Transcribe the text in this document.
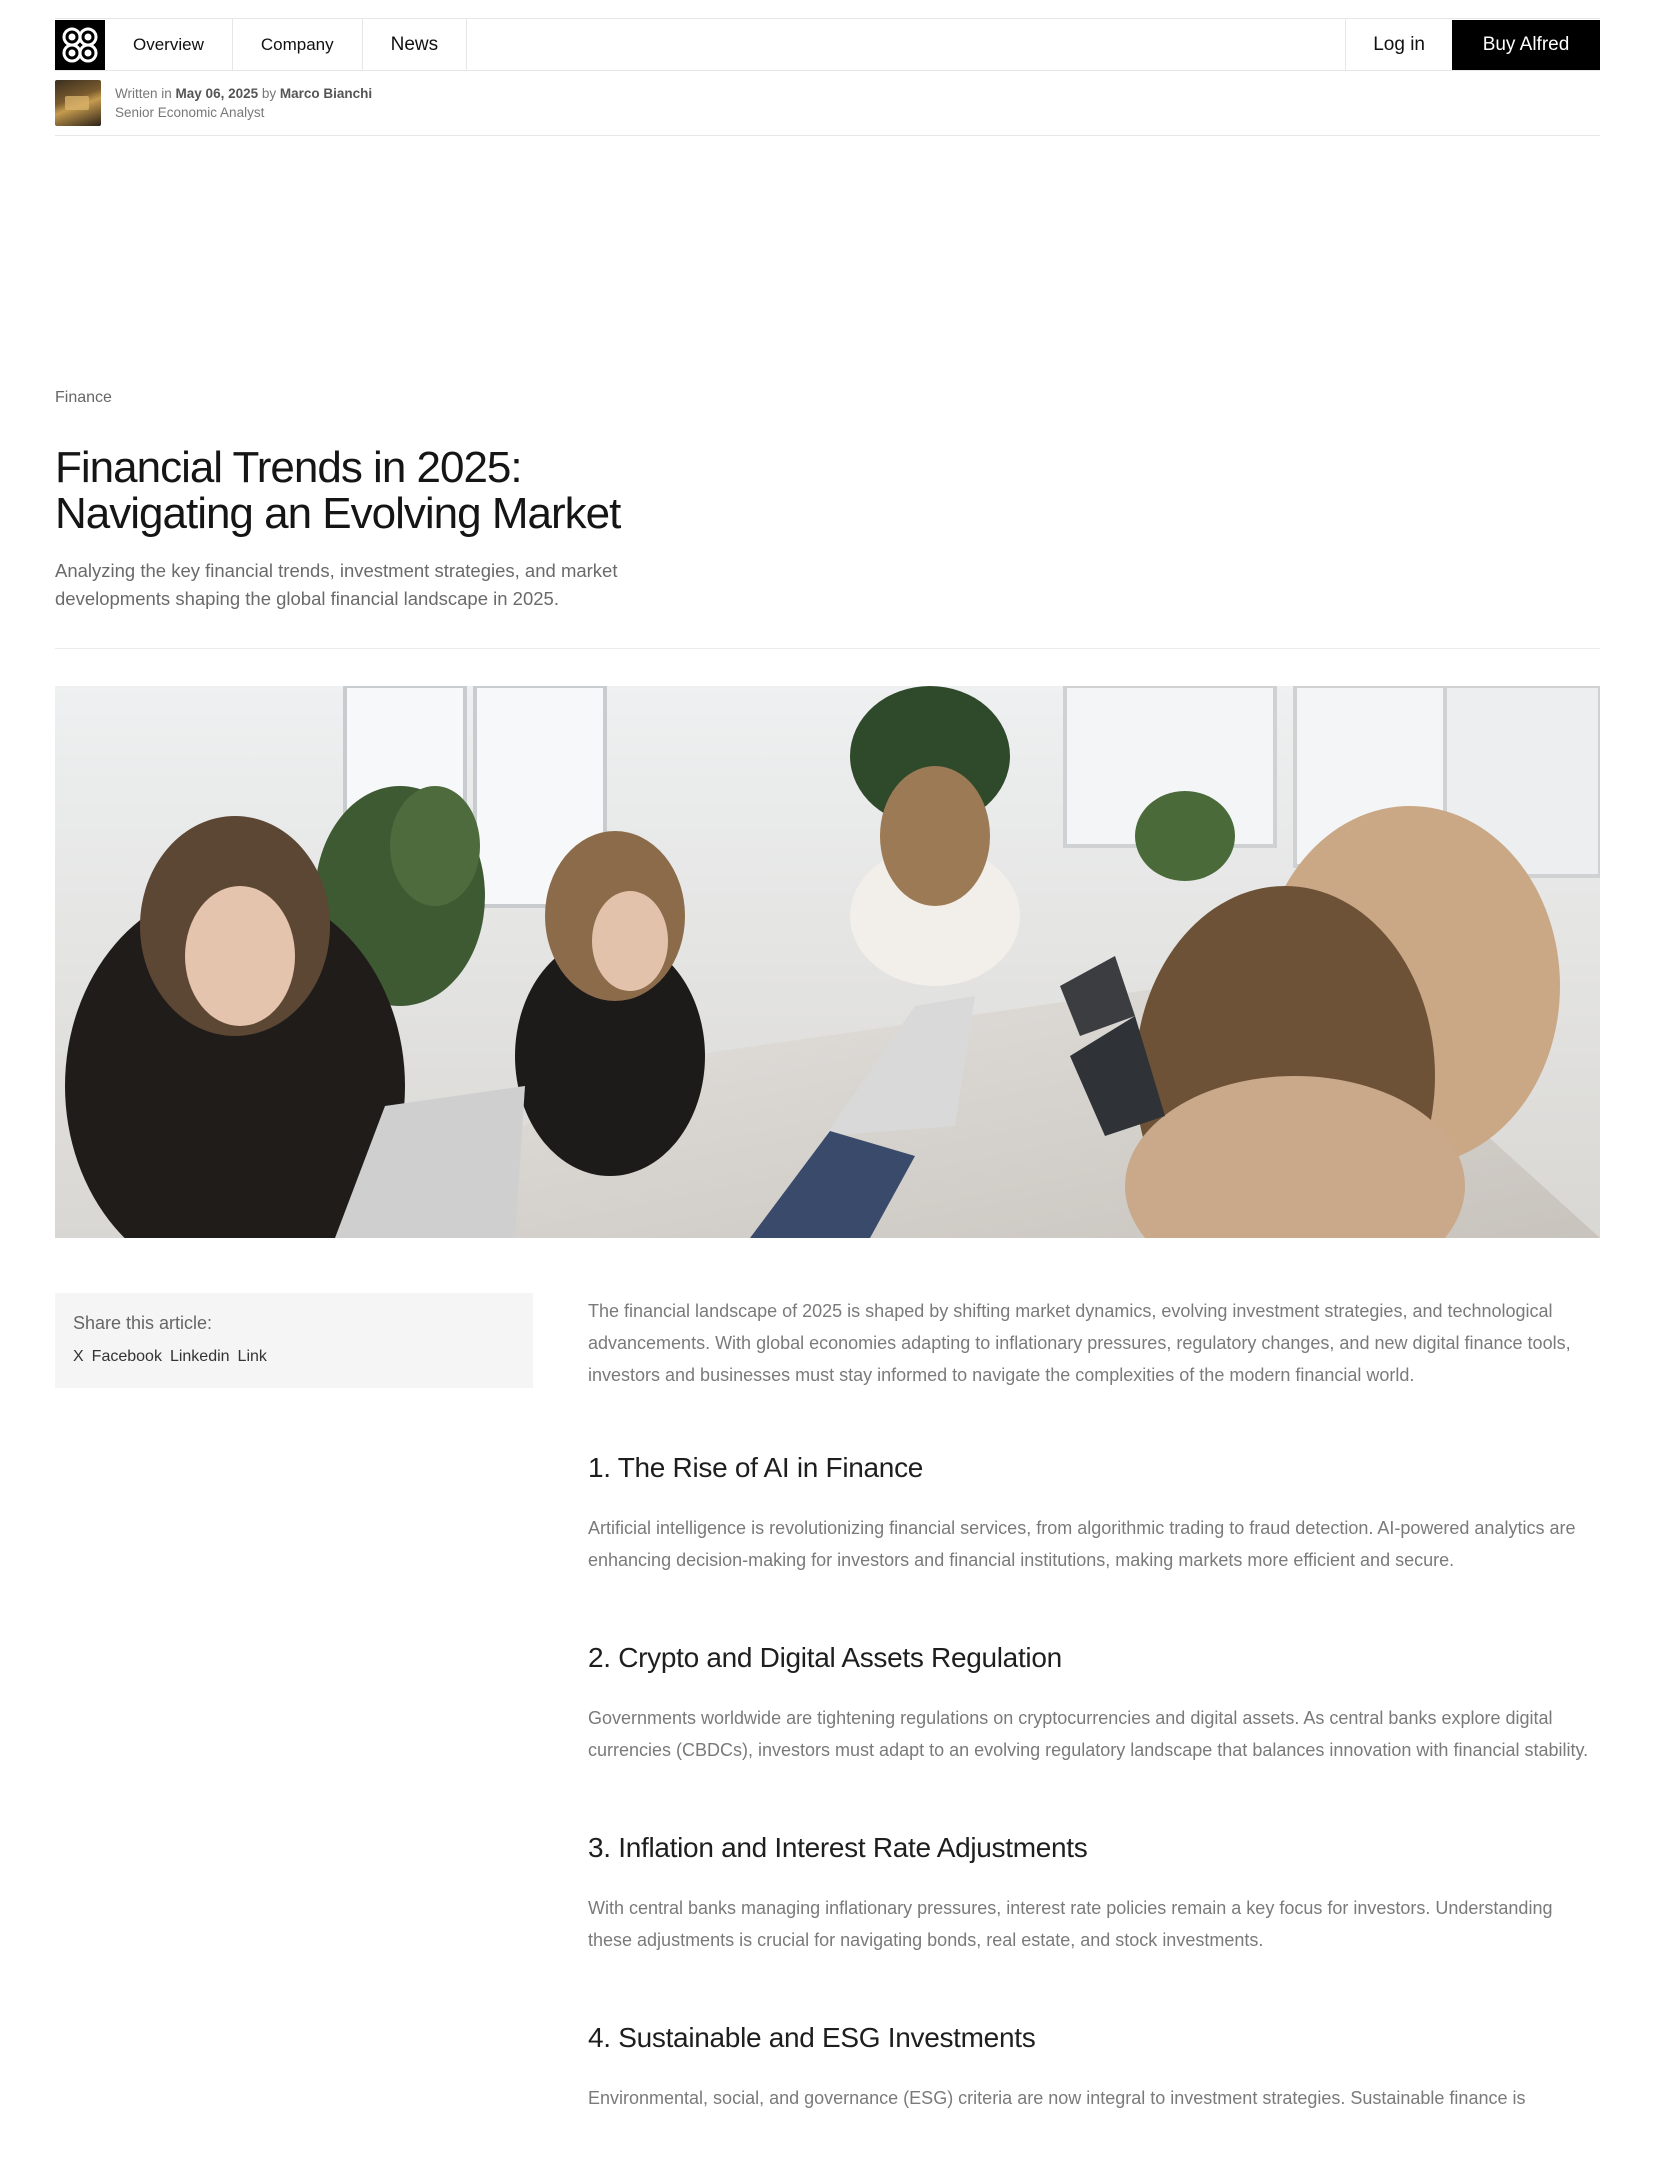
Overview	Company	News	Log in	Buy Alfred
Written in May 06, 2025 by Marco Bianchi
Senior Economic Analyst
Finance
Financial Trends in 2025:
Navigating an Evolving Market

Analyzing the key financial trends, investment strategies, and market developments shaping the global financial landscape in 2025.

Share this article:
X Facebook Linkedin Link

The financial landscape of 2025 is shaped by shifting market dynamics, evolving investment strategies, and technological advancements. With global economies adapting to inflationary pressures, regulatory changes, and new digital finance tools, investors and businesses must stay informed to navigate the complexities of the modern financial world.

1. The Rise of AI in Finance

Artificial intelligence is revolutionizing financial services, from algorithmic trading to fraud detection. AI-powered analytics are enhancing decision-making for investors and financial institutions, making markets more efficient and secure.

2. Crypto and Digital Assets Regulation

Governments worldwide are tightening regulations on cryptocurrencies and digital assets. As central banks explore digital currencies (CBDCs), investors must adapt to an evolving regulatory landscape that balances innovation with financial stability.

3. Inflation and Interest Rate Adjustments

With central banks managing inflationary pressures, interest rate policies remain a key focus for investors. Understanding these adjustments is crucial for navigating bonds, real estate, and stock investments.

4. Sustainable and ESG Investments

Environmental, social, and governance (ESG) criteria are now integral to investment strategies. Sustainable finance is
